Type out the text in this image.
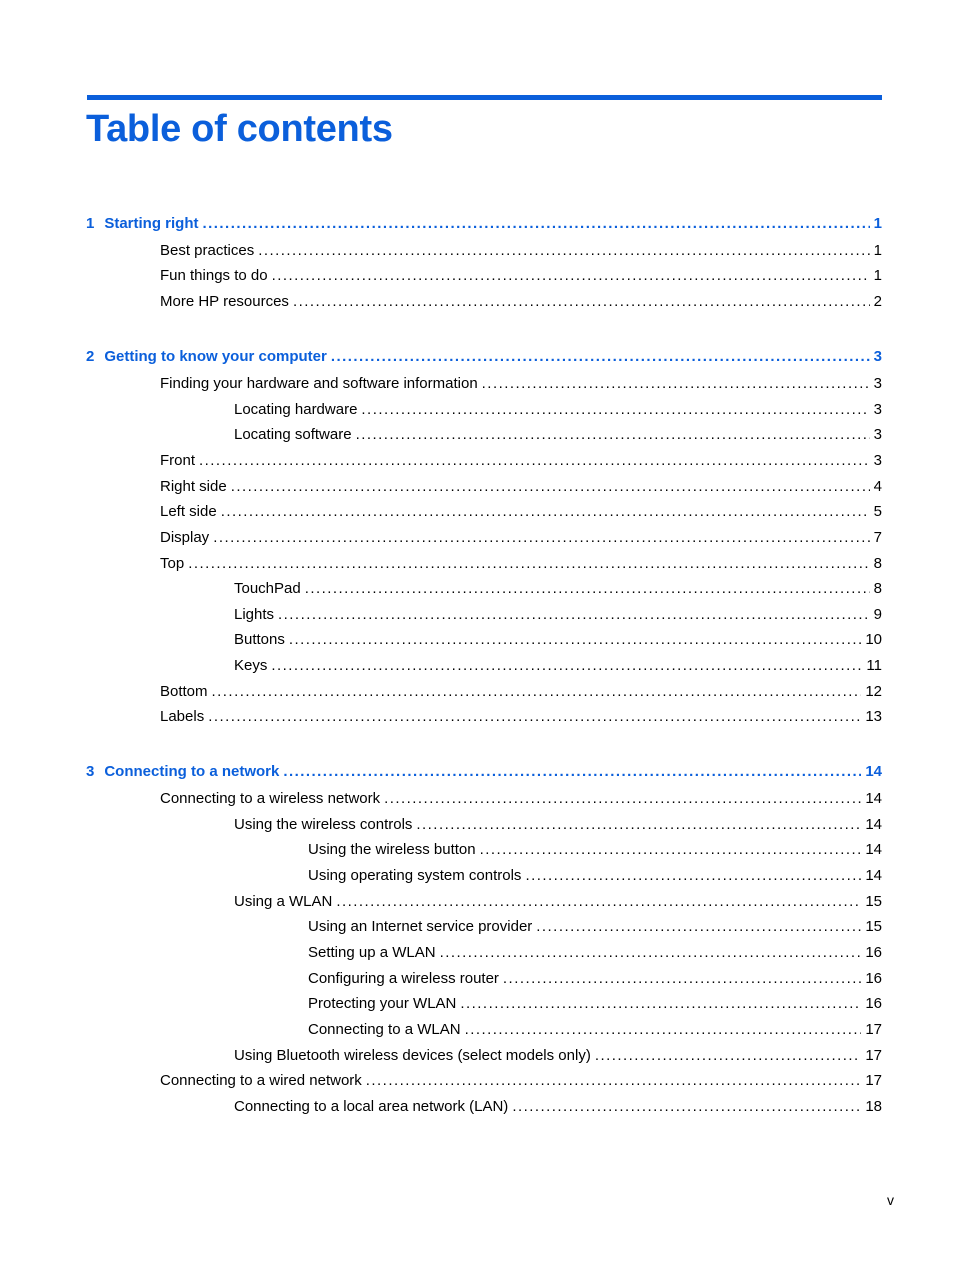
Table of contents
1 Starting right . . .	1
Best practices . . .	1
Fun things to do . . .	1
More HP resources . . .	2
2 Getting to know your computer . . .	3
Finding your hardware and software information . . .	3
Locating hardware . . .	3
Locating software . . .	3
Front . . .	3
Right side . . .	4
Left side . . .	5
Display . . .	7
Top . . .	8
TouchPad . . .	8
Lights . . .	9
Buttons . . .	10
Keys . . .	11
Bottom . . .	12
Labels . . .	13
3 Connecting to a network . . .	14
Connecting to a wireless network . . .	14
Using the wireless controls . . .	14
Using the wireless button . . .	14
Using operating system controls . . .	14
Using a WLAN . . .	15
Using an Internet service provider . . .	15
Setting up a WLAN . . .	16
Configuring a wireless router . . .	16
Protecting your WLAN . . .	16
Connecting to a WLAN . . .	17
Using Bluetooth wireless devices (select models only) . . .	17
Connecting to a wired network . . .	17
Connecting to a local area network (LAN) . . .	18
v
